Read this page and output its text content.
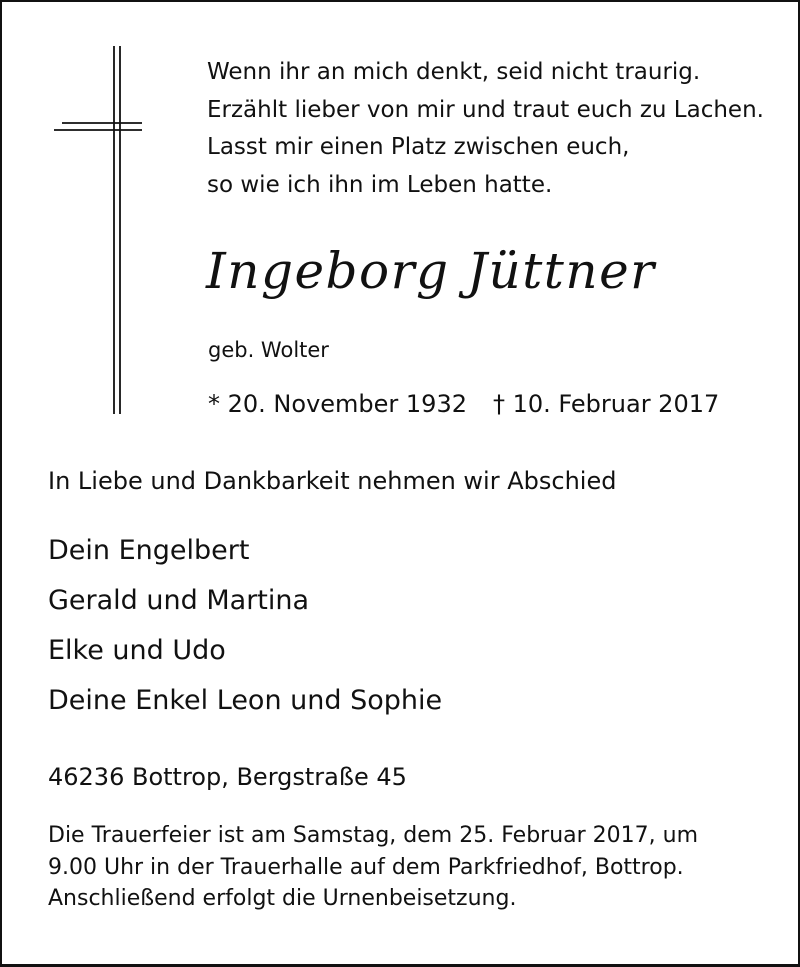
Wenn ihr an mich denkt, seid nicht traurig.
Erzählt lieber von mir und traut euch zu Lachen.
Lasst mir einen Platz zwischen euch,
so wie ich ihn im Leben hatte.
Ingeborg Jüttner
geb. Wolter
* 20. November 1932 † 10. Februar 2017
In Liebe und Dankbarkeit nehmen wir Abschied
Dein Engelbert
Gerald und Martina
Elke und Udo
Deine Enkel Leon und Sophie
46236 Bottrop, Bergstraße 45
Die Trauerfeier ist am Samstag, dem 25. Februar 2017, um
9.00 Uhr in der Trauerhalle auf dem Parkfriedhof, Bottrop.
Anschließend erfolgt die Urnenbeisetzung.
